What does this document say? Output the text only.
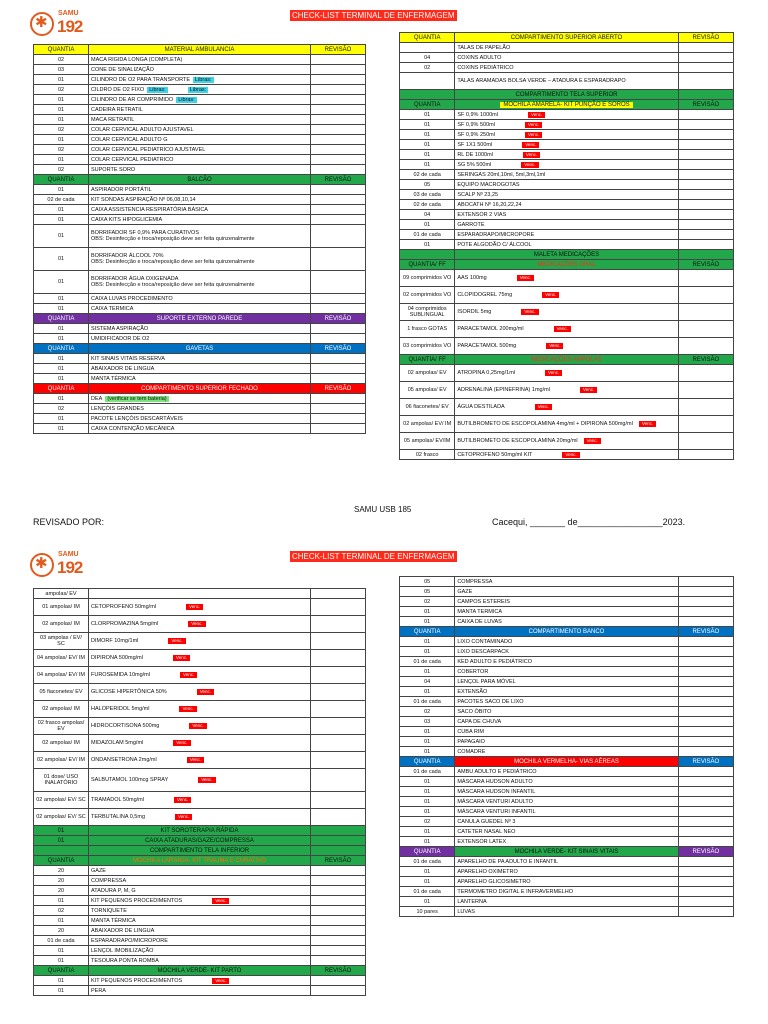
✱
SAMU
192
CHECK-LIST TERMINAL DE ENFERMAGEM
QUANTIA	MATERIAL AMBULANCIA	REVISÃO
02	MACA RIGIDA LONGA (COMPLETA)	
03	CONE DE SINALIZAÇÃO	
01	CILINDRO DE O2 PARA TRANSPORTE Libras:	
02	CILDRO DE O2 FIXO Libras: Libras:	
01	CILINDRO DE AR COMPRIMIDO Libras:	
01	CADEIRA RETRATIL	
01	MACA RETRATIL	
02	COLAR CERVICAL ADULTO AJUSTAVEL	
01	COLAR CERVICAL ADULTO G	
02	COLAR CERVICAL PEDIATRICO AJUSTAVEL	
01	COLAR CERVICAL PEDIATRICO	
02	SUPORTE SORO	
QUANTIA	BALCÃO	REVISÃO
01	ASPIRADOR PORTÁTIL	
02 de cada	KIT SONDAS ASPIRAÇÃO Nº 06,08,10,14	
01	CAIXA ASSISTENCIA RESPIRATÓRIA BÁSICA	
01	CAIXA KITS HIPOGLICEMIA	
01	BORRIFADOR SF 0,9% PARA CURATIVOS
OBS: Desinfecção e troca/reposição deve ser feita quinzenalmente	
01	BORRIFADOR ÁLCOOL 70%
OBS: Desinfecção e troca/reposição deve ser feita quinzenalmente	
01	BORRIFADOR ÁGUA OXIGENADA
OBS: Desinfecção e troca/reposição deve ser feita quinzenalmente	
01	CAIXA LUVAS PROCEDIMENTO	
01	CAIXA TERMICA	
QUANTIA	SUPORTE EXTERNO PAREDE	REVISÃO
01	SISTEMA ASPIRAÇÃO	
01	UMIDIFICADOR DE O2	
QUANTIA	GAVETAS	REVISÃO
01	KIT SINAIS VITAIS RESERVA	
01	ABAIXADOR DE LINGUA	
01	MANTA TÉRMICA	
QUANTIA	COMPARTIMENTO SUPERIOR FECHADO	REVISÃO
01	DEA (verificar se tem bateria)	
02	LENÇÓIS GRANDES	
01	PACOTE LENÇÓIS DESCARTÁVEIS	
01	CAIXA CONTENÇÃO MECÂNICA	
QUANTIA	COMPARTIMENTO SUPERIOR ABERTO	REVISÃO
	TALAS DE PAPELÃO	
04	COXINS ADULTO	
02	COXINS PEDIÁTRICO	
	TALAS ARAMADAS BOLSA VERDE – ATADURA E ESPARADRAPO	
	COMPARTIMENTO TELA SUPERIOR	
QUANTIA	MOCHILA AMARELA- KIT PUNÇÃO E SOROS	REVISÃO
01	SF 0,9% 1000ml Venc.	
01	SF 0,9% 500ml Venc.	
01	SF 0,9% 250ml Venc.	
01	SF 1X1 500ml Venc.	
01	RL DE 1000ml Venc.	
01	SG 5% 500ml Venc.	
02 de cada	SERINGAS 20ml,10ml, 5ml,3ml,1ml	
05	EQUIPO MACROGOTAS	
03 de cada	SCALP Nº 23,25	
02 de cada	ABOCATH Nº 16,20,22,24	
04	EXTENSOR 2 VIAS	
01	GARROTE	
01 de cada	ESPARADRAPO/MICROPORE	
01	POTE ALGODÃO C/ ÁLCOOL	
	MALETA MEDICAÇÕES	
QUANTIA/ FF	MEDICAÇÕES ORAL	REVISÃO
09 comprimidos VO	AAS 100mg Venc.	
02 comprimidos VO	CLOPIDOGREL 75mg Venc.	
04 comprimidos SUBLINGUAL	ISORDIL 5mg Venc.	
1 frasco GOTAS	PARACETAMOL 200mg/ml Venc.	
03 comprimidos VO	PARACETAMOL 500mg Venc.	
QUANTIA/ FF	MEDICAÇÕES AMPOLAS	REVISÃO
02 ampolas/ EV	ATROPINA 0,25mg/1ml Venc.	
05 ampolas/ EV	ADRENALINA (EPINEFRINA) 1mg/ml Venc.	
06 fiaconetes/ EV	ÁGUA DESTILADA Venc.	
02 ampolas/ EV/ IM	BUTILBROMETO DE ESCOPOLAMINA 4mg/ml + DIPIRONA 500mg/ml Venc.	
05 ampolas/ EV/IM	BUTILBROMETO DE ESCOPOLAMINA 20mg/ml Venc.	
02 frasco	CETOPROFENO 50mg/ml KIT Venc.	
REVISADO POR:
SAMU USB 185
Cacequi, _______ de_________________2023.
✱
SAMU
192
CHECK-LIST TERMINAL DE ENFERMAGEM
ampolas/ EV		
01 ampolas/ IM	CETOPROFENO 50mg/ml Venc.	
02 ampolas/ IM	CLORPROMAZINA 5mg/ml Venc.	
03 ampolas / EV/ SC	DIMORF 10mg/1ml Venc.	
04 ampolas/ EV/ IM	DIPIRONA 500mg/ml Venc.	
04 ampolas/ EV/ IM	FUROSEMIDA 10mg/ml Venc.	
05 fiaconetes/ EV	GLICOSE HIPERTÔNICA 50% Venc.	
02 ampolas/ IM	HALOPERIDOL 5mg/ml Venc.	
02 frasco ampolas/ EV	HIDROCORTISONA 500mg Venc.	
02 ampolas/ IM	MIDAZOLAM 5mg/ml Venc.	
02 ampolas/ EV/ IM	ONDANSETRONA 2mg/ml Venc.	
01 dose/ USO INALATÓRIO	SALBUTAMOL 100mcg SPRAY Venc.	
02 ampolas/ EV/ SC	TRAMADOL 50mg/ml Venc.	
02 ampolas/ EV/ SC	TERBUTALINA 0,5mg Venc.	
01	KIT SOROTERAPIA RÁPIDA	
01	CAIXA ATADURAS/GAZE/COMPRESSA	
	COMPARTIMENTO TELA INFERIOR	
QUANTIA	MOCHILA LARANJA- KIT TRAUMA E CURATIVO	REVISÃO
20	GAZE	
20	COMPRESSA	
20	ATADURA P, M, G	
01	KIT PEQUENOS PROCEDIMENTOS Venc.	
02	TORNIQUETE	
01	MANTA TÉRMICA	
20	ABAIXADOR DE LINGUA	
01 de cada	ESPARADRAPO/MICROPORE	
01	LENÇOL IMOBILIZAÇÃO	
01	TESOURA PONTA ROMBA	
QUANTIA	MOCHILA VERDE- KIT PARTO	REVISÃO
01	KIT PEQUENOS PROCEDIMENTOS Venc.	
01	PERA	
05	COMPRESSA	
05	GAZE	
02	CAMPOS ESTEREIS	
01	MANTA TERMICA	
01	CAIXA DE LUVAS	
QUANTIA	COMPARTIMENTO BANCO	REVISÃO
01	LIXO CONTAMINADO	
01	LIXO DESCARPACK	
01 de cada	KED ADULTO E PEDIÁTRICO	
01	COBERTOR	
04	LENÇOL PARA MÓVEL	
01	EXTENSÃO	
01 de cada	PACOTES SACO DE LIXO	
02	SACO ÓBITO	
03	CAPA DE CHUVA	
01	CUBA RIM	
01	PAPAGAIO	
01	COMADRE	
QUANTIA	MOCHILA VERMELHA- VIAS AÉREAS	REVISÃO
01 de cada	AMBU ADULTO E PEDIÁTRICO	
01	MÁSCARA HUDSON ADULTO	
01	MÁSCARA HUDSON INFANTIL	
01	MÁSCARA VENTURI ADULTO	
01	MÁSCARA VENTURI INFANTIL	
02	CANULA GUEDEL Nº 3	
01	CATETER NASAL NEO	
01	EXTENSOR LATEX	
QUANTIA	MOCHILA VERDE- KIT SINAIS VITAIS	REVISÃO
01 de cada	APARELHO DE PA ADULTO E INFANTIL	
01	APARELHO OXIMETRO	
01	APARELHO GLICOSIMETRO	
01 de cada	TERMOMETRO DIGITAL E INFRAVERMELHO	
01	LANTERNA	
10 pares	LUVAS	
